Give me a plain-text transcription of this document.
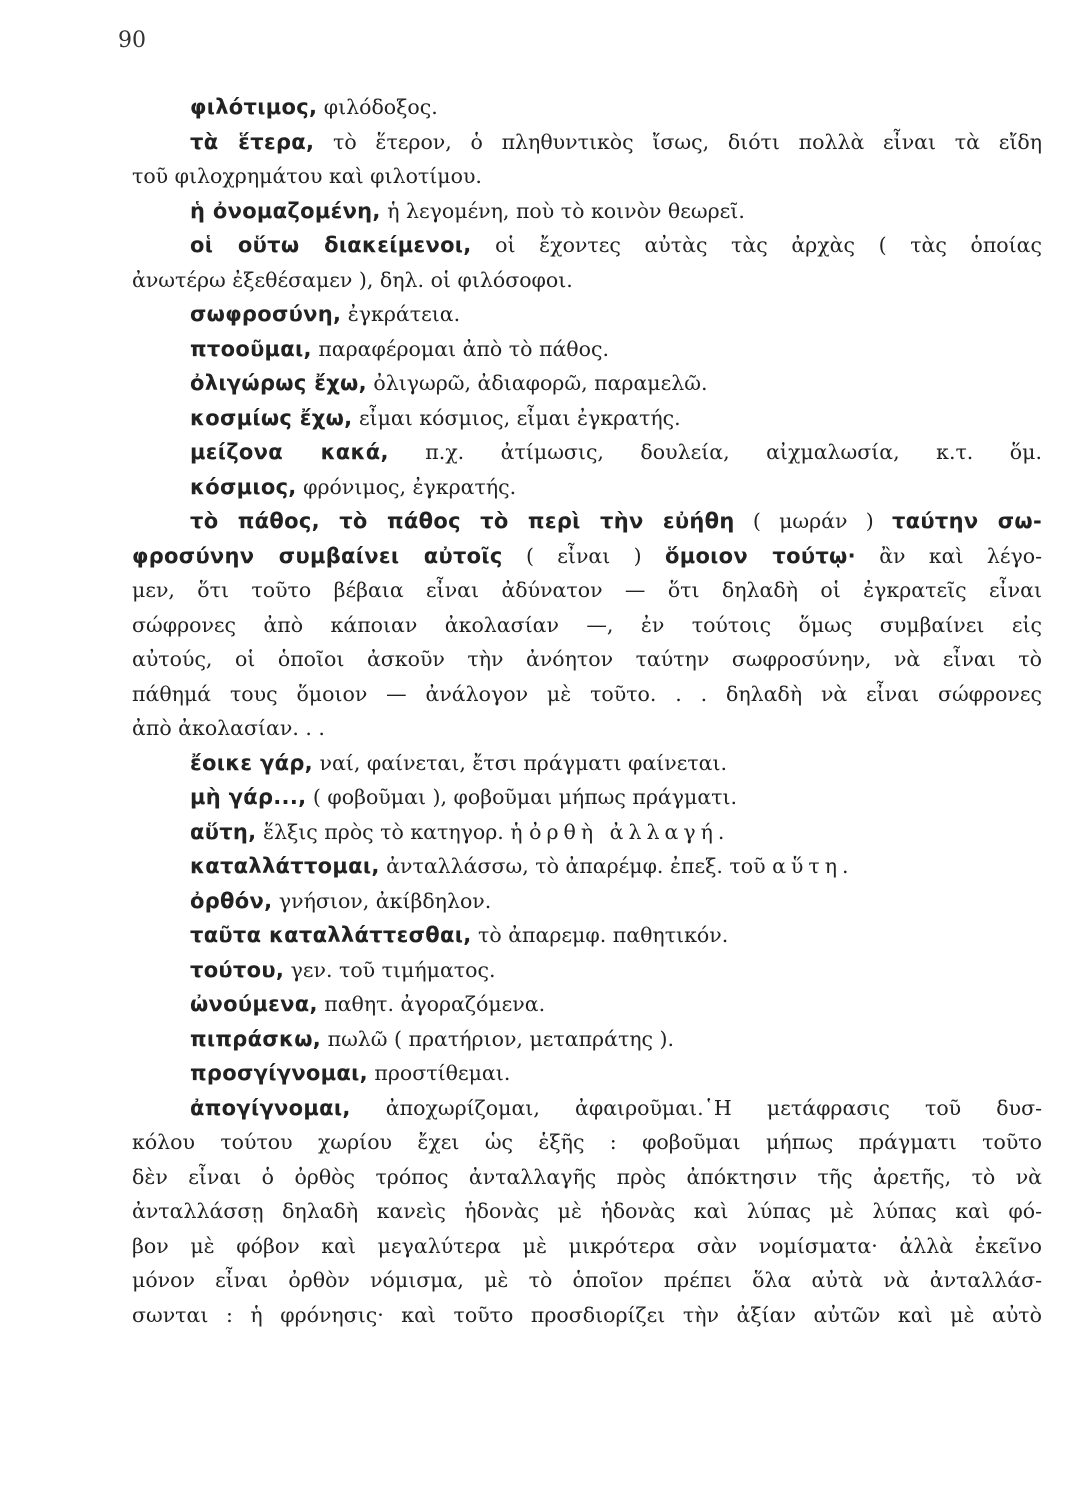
90
φιλότιμος, φιλόδοξος.
τὰ ἕτερα, τὸ ἕτερον, ὁ πληθυντικὸς ἴσως, διότι πολλὰ εἶναι τὰ εἴδη
τοῦ φιλοχρημάτου καὶ φιλοτίμου.
ἡ ὀνομαζομένη, ἡ λεγομένη, ποὺ τὸ κοινὸν θεωρεῖ.
οἱ οὕτω διακείμενοι, οἱ ἔχοντες αὐτὰς τὰς ἀρχὰς ( τὰς ὁποίας
ἀνωτέρω ἐξεθέσαμεν ), δηλ. οἱ φιλόσοφοι.
σωφροσύνη, ἐγκράτεια.
πτοοῦμαι, παραφέρομαι ἀπὸ τὸ πάθος.
ὀλιγώρως ἔχω, ὀλιγωρῶ, ἀδιαφορῶ, παραμελῶ.
κοσμίως ἔχω, εἶμαι κόσμιος, εἶμαι ἐγκρατής.
μείζονα κακά, π.χ. ἀτίμωσις, δουλεία, αἰχμαλωσία, κ.τ. ὅμ.
κόσμιος, φρόνιμος, ἐγκρατής.
τὸ πάθος, τὸ πάθος τὸ περὶ τὴν εὐήθη ( μωράν ) ταύτην σω-
φροσύνην συμβαίνει αὐτοῖς ( εἶναι ) ὅμοιον τούτῳ· ἂν καὶ λέγο-
μεν, ὅτι τοῦτο βέβαια εἶναι ἀδύνατον — ὅτι δηλαδὴ οἱ ἐγκρατεῖς εἶναι
σώφρονες ἀπὸ κάποιαν ἀκολασίαν —, ἐν τούτοις ὅμως συμβαίνει εἰς
αὐτούς, οἱ ὁποῖοι ἀσκοῦν τὴν ἀνόητον ταύτην σωφροσύνην, νὰ εἶναι τὸ
πάθημά τους ὅμοιον — ἀνάλογον μὲ τοῦτο. . . δηλαδὴ νὰ εἶναι σώφρονες
ἀπὸ ἀκολασίαν. . .
ἔοικε γάρ, ναί, φαίνεται, ἔτσι πράγματι φαίνεται.
μὴ γάρ..., ( φοβοῦμαι ), φοβοῦμαι μήπως πράγματι.
αὕτη, ἕλξις πρὸς τὸ κατηγορ. ἡ ὀρθὴ ἀλλαγή.
καταλλάττομαι, ἀνταλλάσσω, τὸ ἀπαρέμφ. ἐπεξ. τοῦ αὕτη.
ὀρθόν, γνήσιον, ἀκίβδηλον.
ταῦτα καταλλάττεσθαι, τὸ ἀπαρεμφ. παθητικόν.
τούτου, γεν. τοῦ τιμήματος.
ὠνούμενα, παθητ. ἀγοραζόμενα.
πιπράσκω, πωλῶ ( πρατήριον, μεταπράτης ).
προσγίγνομαι, προστίθεμαι.
ἀπογίγνομαι, ἀποχωρίζομαι, ἀφαιροῦμαι.῾Η μετάφρασις τοῦ δυσ-
κόλου τούτου χωρίου ἔχει ὡς ἑξῆς : φοβοῦμαι μήπως πράγματι τοῦτο
δὲν εἶναι ὁ ὀρθὸς τρόπος ἀνταλλαγῆς πρὸς ἀπόκτησιν τῆς ἀρετῆς, τὸ νὰ
ἀνταλλάσσῃ δηλαδὴ κανεὶς ἡδονὰς μὲ ἡδονὰς καὶ λύπας μὲ λύπας καὶ φό-
βον μὲ φόβον καὶ μεγαλύτερα μὲ μικρότερα σὰν νομίσματα· ἀλλὰ ἐκεῖνο
μόνον εἶναι ὀρθὸν νόμισμα, μὲ τὸ ὁποῖον πρέπει ὅλα αὐτὰ νὰ ἀνταλλάσ-
σωνται : ἡ φρόνησις· καὶ τοῦτο προσδιορίζει τὴν ἀξίαν αὐτῶν καὶ μὲ αὐτὸ
